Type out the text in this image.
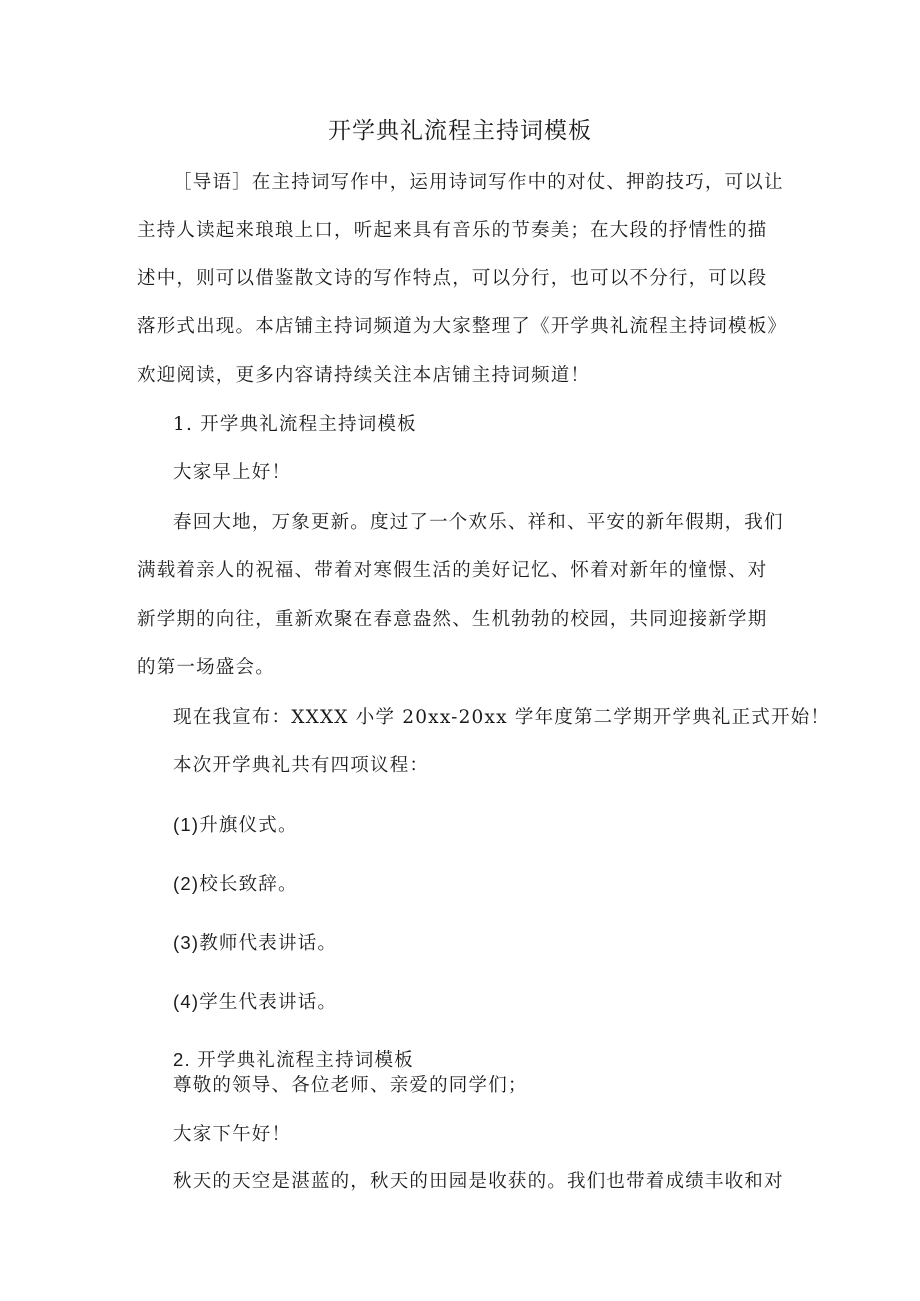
开学典礼流程主持词模板
［导语］在主持词写作中，运用诗词写作中的对仗、押韵技巧，可以让
主持人读起来琅琅上口，听起来具有音乐的节奏美；在大段的抒情性的描
述中，则可以借鉴散文诗的写作特点，可以分行，也可以不分行，可以段
落形式出现。本店铺主持词频道为大家整理了《开学典礼流程主持词模板》
欢迎阅读，更多内容请持续关注本店铺主持词频道！
1. 开学典礼流程主持词模板
大家早上好！
春回大地，万象更新。度过了一个欢乐、祥和、平安的新年假期，我们
满载着亲人的祝福、带着对寒假生活的美好记忆、怀着对新年的憧憬、对
新学期的向往，重新欢聚在春意盎然、生机勃勃的校园，共同迎接新学期
的第一场盛会。
现在我宣布：XXXX 小学 20xx-20xx 学年度第二学期开学典礼正式开始！
本次开学典礼共有四项议程：
(1)升旗仪式。
(2)校长致辞。
(3)教师代表讲话。
(4)学生代表讲话。
2. 开学典礼流程主持词模板
尊敬的领导、各位老师、亲爱的同学们；
大家下午好！
秋天的天空是湛蓝的，秋天的田园是收获的。我们也带着成绩丰收和对
